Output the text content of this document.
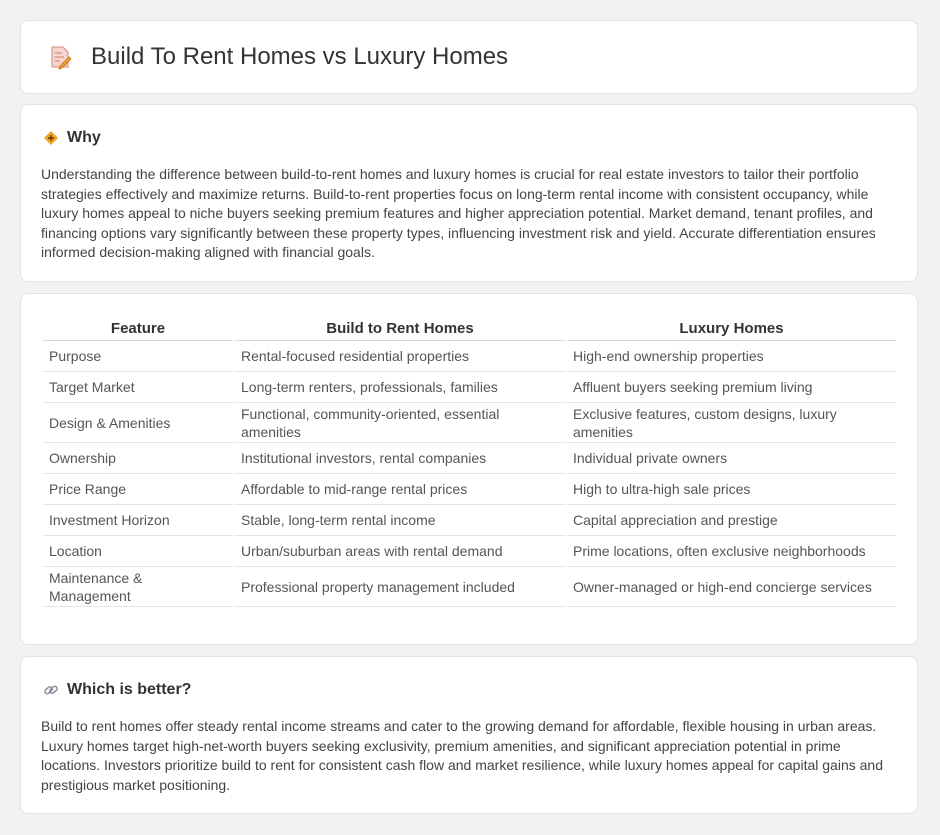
Build To Rent Homes vs Luxury Homes
Why

Understanding the difference between build-to-rent homes and luxury homes is crucial for real estate investors to tailor their portfolio strategies effectively and maximize returns. Build-to-rent properties focus on long-term rental income with consistent occupancy, while luxury homes appeal to niche buyers seeking premium features and higher appreciation potential. Market demand, tenant profiles, and financing options vary significantly between these property types, influencing investment risk and yield. Accurate differentiation ensures informed decision-making aligned with financial goals.

Feature	Build to Rent Homes	Luxury Homes
Purpose	Rental-focused residential properties	High-end ownership properties
Target Market	Long-term renters, professionals, families	Affluent buyers seeking premium living
Design & Amenities	Functional, community-oriented, essential amenities	Exclusive features, custom designs, luxury amenities
Ownership	Institutional investors, rental companies	Individual private owners
Price Range	Affordable to mid-range rental prices	High to ultra-high sale prices
Investment Horizon	Stable, long-term rental income	Capital appreciation and prestige
Location	Urban/suburban areas with rental demand	Prime locations, often exclusive neighborhoods
Maintenance & Management	Professional property management included	Owner-managed or high-end concierge services
Which is better?

Build to rent homes offer steady rental income streams and cater to the growing demand for affordable, flexible housing in urban areas. Luxury homes target high-net-worth buyers seeking exclusivity, premium amenities, and significant appreciation potential in prime locations. Investors prioritize build to rent for consistent cash flow and market resilience, while luxury homes appeal for capital gains and prestigious market positioning.
